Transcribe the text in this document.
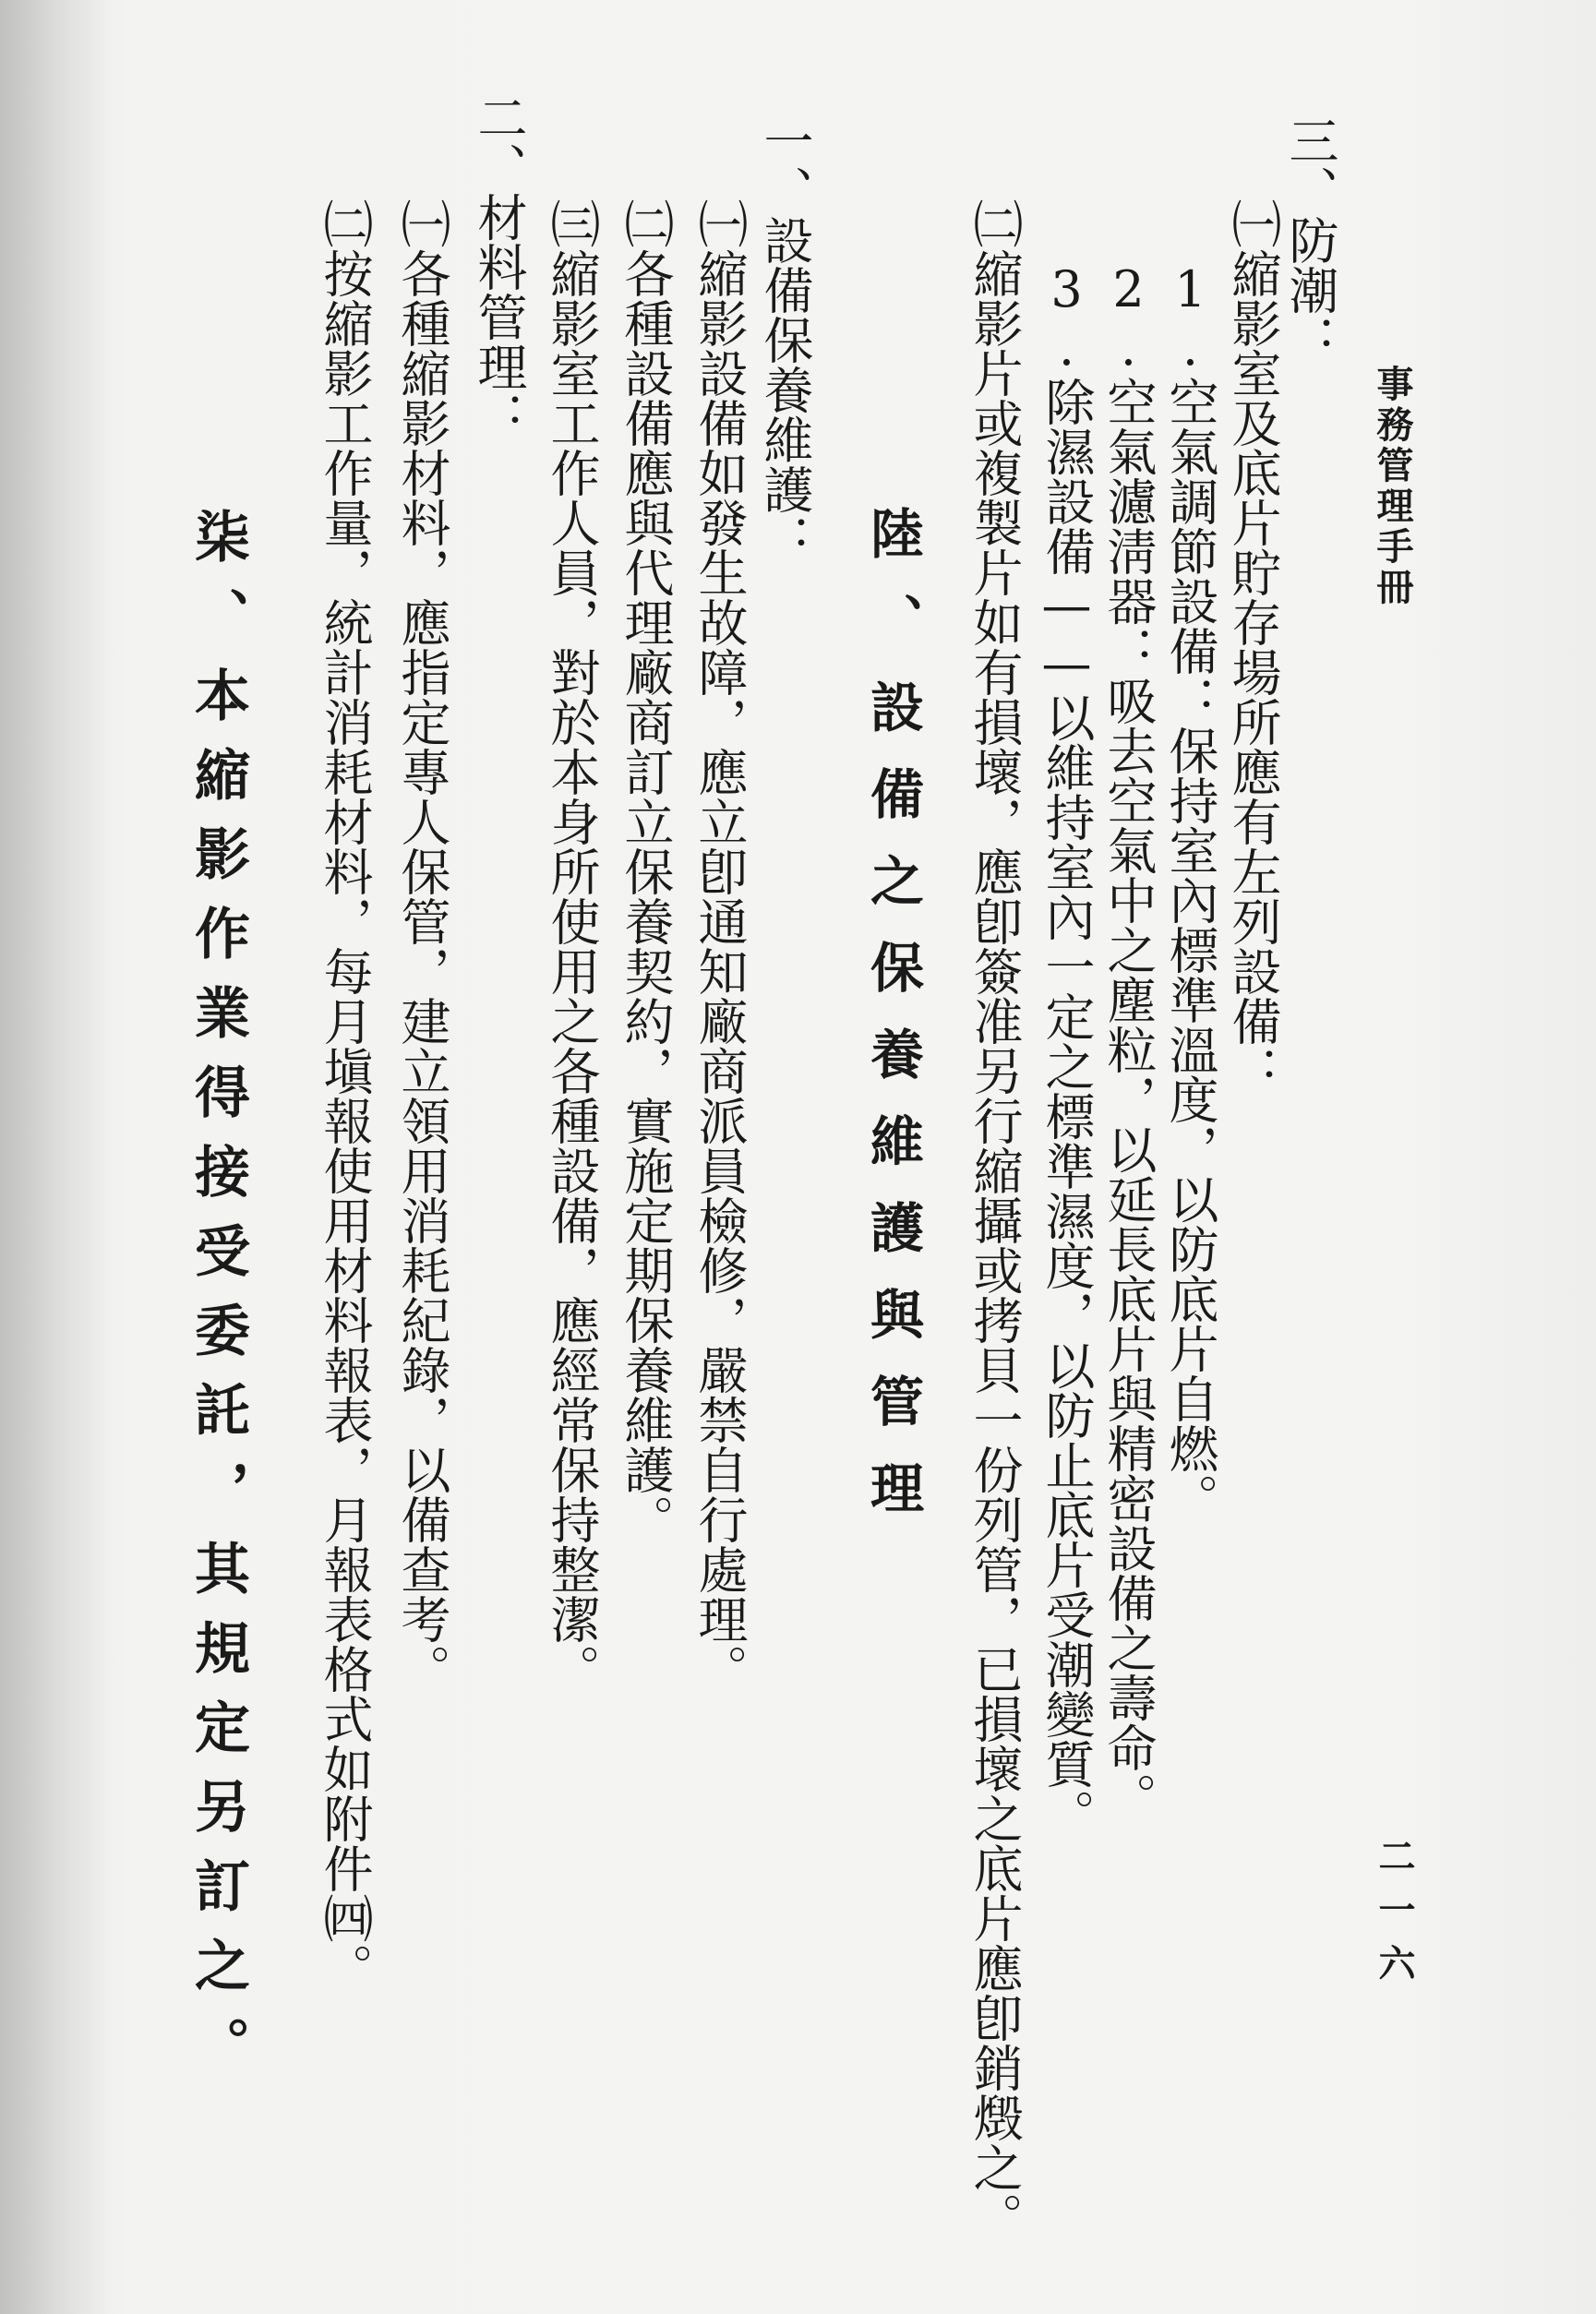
事務管理手冊
二一六
三、防潮：
㈠縮影室及底片貯存場所應有左列設備：
1.空氣調節設備：保持室內標準溫度，以防底片自燃。
2.空氣濾淸器：吸去空氣中之塵粒，以延長底片與精密設備之壽命。
3.除濕設備——以維持室內一定之標準濕度，以防止底片受潮變質。
㈡縮影片或複製片如有損壞，應卽簽准另行縮攝或拷貝一份列管，已損壞之底片應卽銷燬之。
陸、設備之保養維護與管理
一、設備保養維護：
㈠縮影設備如發生故障，應立卽通知廠商派員檢修，嚴禁自行處理。
㈡各種設備應與代理廠商訂立保養契約，實施定期保養維護。
㈢縮影室工作人員，對於本身所使用之各種設備，應經常保持整潔。
二、材料管理：
㈠各種縮影材料，應指定專人保管，建立領用消耗紀錄，以備查考。
㈡按縮影工作量，統計消耗材料，每月塡報使用材料報表，月報表格式如附件㈣。
柒、本縮影作業得接受委託，其規定另訂之。
